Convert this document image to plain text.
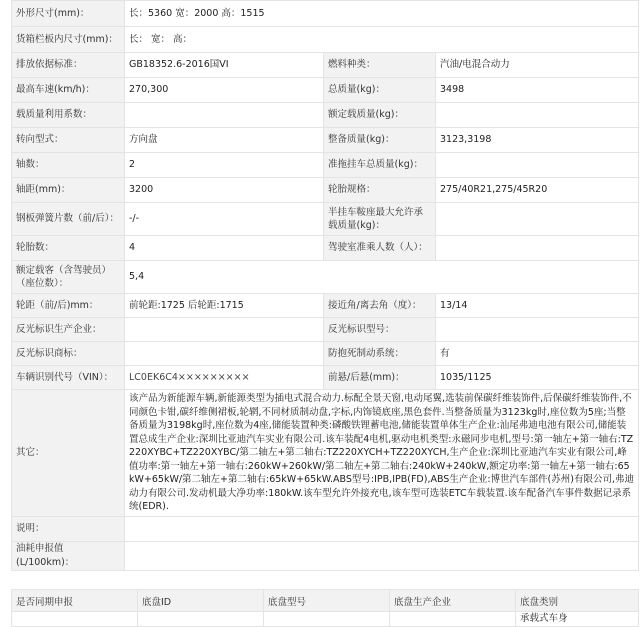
外形尺寸(mm)：	长：5360 宽：2000 高：1515		
货箱栏板内尺寸(mm)：	长： 宽： 高：		
排放依据标准：	GB18352.6-2016国VI	燃料种类：	汽油/电混合动力
最高车速(km/h)：	270,300	总质量(kg)：	3498
载质量利用系数：		额定载质量(kg)：	
转向型式：	方向盘	整备质量(kg)：	3123,3198
轴数：	2	准拖挂车总质量(kg)：	
轴距(mm)：	3200	轮胎规格：	275/40R21,275/45R20
钢板弹簧片数（前/后）：	-/-	半挂车鞍座最大允许承载质量(kg)：	
轮胎数：	4	驾驶室准乘人数（人）：	
额定载客（含驾驶员）（座位数）：	5,4		
轮距（前/后)mm：	前轮距:1725 后轮距:1715	接近角/离去角（度）：	13/14
反光标识生产企业：		反光标识型号：	
反光标识商标：		防抱死制动系统：	有
车辆识别代号（VIN）：	LC0EK6C4×××××××××	前悬/后悬(mm)：	1035/1125
其它：	该产品为新能源车辆,新能源类型为插电式混合动力.标配全景天窗,电动尾翼,选装前保碳纤维装饰件,后保碳纤维装饰件,不同颜色卡钳,碳纤维侧裙板,轮辋,不同材质制动盘,字标,内饰镜底座,黑色套件.当整备质量为3123kg时,座位数为5座;当整备质量为3198kg时,座位数为4座,储能装置种类:磷酸铁锂蓄电池,储能装置单体生产企业:汕尾弗迪电池有限公司,储能装置总成生产企业:深圳比亚迪汽车实业有限公司.该车装配4电机,驱动电机类型:永磁同步电机,型号:第一轴左+第一轴右:TZ220XYBC+TZ220XYBC/第二轴左+第二轴右:TZ220XYCH+TZ220XYCH,生产企业:深圳比亚迪汽车实业有限公司,峰值功率:第一轴左+第一轴右:260kW+260kW/第二轴左+第二轴右:240kW+240kW,额定功率:第一轴左+第一轴右:65kW+65kW/第二轴左+第二轴右:65kW+65kW.ABS型号:IPB,IPB(FD),ABS生产企业:博世汽车部件(苏州)有限公司,弗迪动力有限公司.发动机最大净功率:180kW.该车型允许外接充电,该车型可选装ETC车载装置.该车配备汽车事件数据记录系统(EDR).		
说明：			
油耗申报值(L/100km)：			
是否同期申报	底盘ID	底盘型号	底盘生产企业	底盘类别
				承载式车身
